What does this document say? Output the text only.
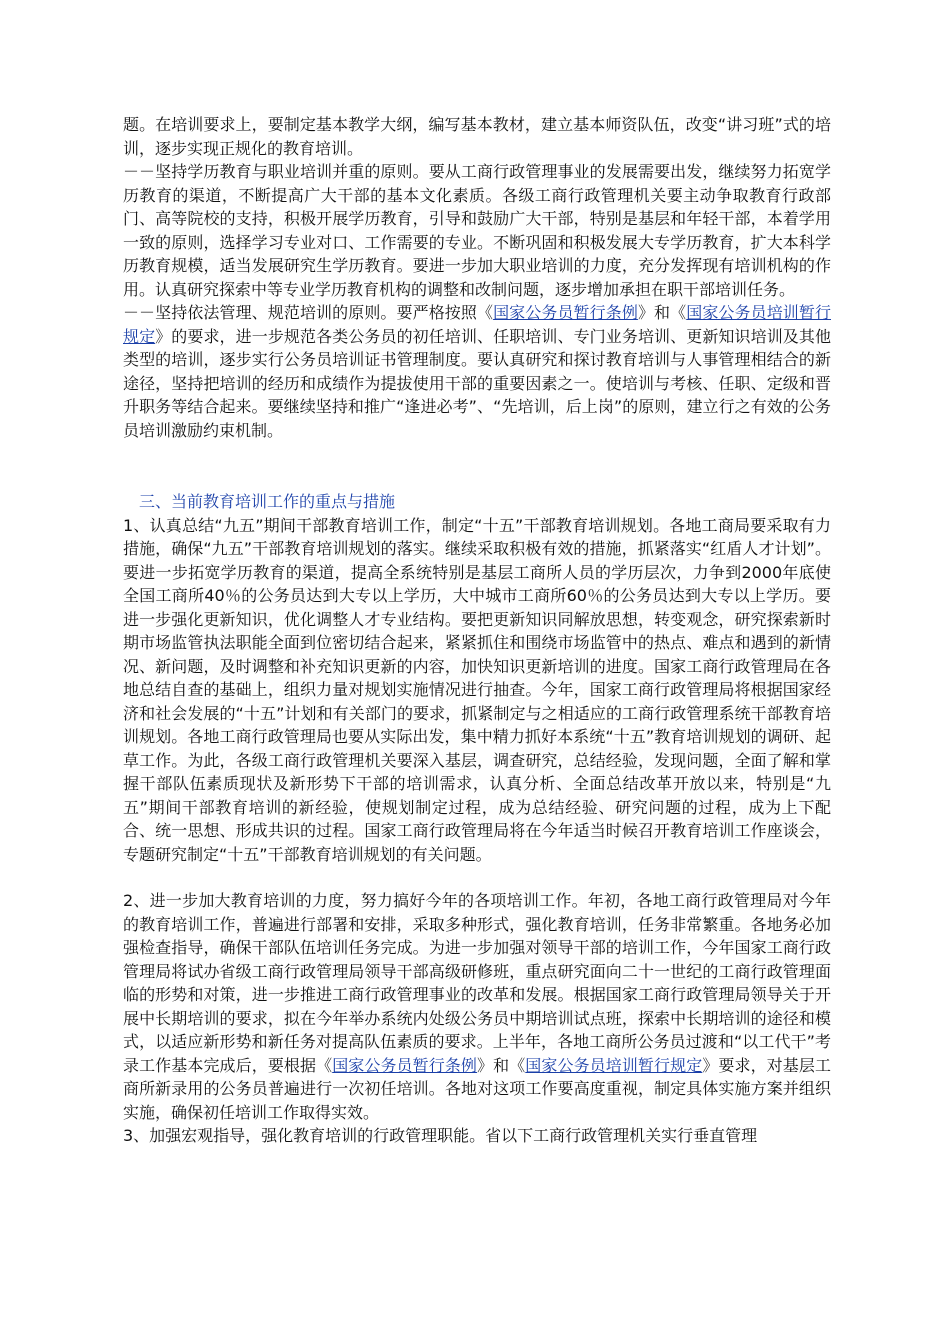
题。在培训要求上，要制定基本教学大纲，编写基本教材，建立基本师资队伍，改变“讲习班”式的培训，逐步实现正规化的教育培训。

－－坚持学历教育与职业培训并重的原则。要从工商行政管理事业的发展需要出发，继续努力拓宽学历教育的渠道，不断提高广大干部的基本文化素质。各级工商行政管理机关要主动争取教育行政部门、高等院校的支持，积极开展学历教育，引导和鼓励广大干部，特别是基层和年轻干部，本着学用一致的原则，选择学习专业对口、工作需要的专业。不断巩固和积极发展大专学历教育，扩大本科学历教育规模，适当发展研究生学历教育。要进一步加大职业培训的力度，充分发挥现有培训机构的作用。认真研究探索中等专业学历教育机构的调整和改制问题，逐步增加承担在职干部培训任务。

－－坚持依法管理、规范培训的原则。要严格按照《国家公务员暂行条例》和《国家公务员培训暂行规定》的要求，进一步规范各类公务员的初任培训、任职培训、专门业务培训、更新知识培训及其他类型的培训，逐步实行公务员培训证书管理制度。要认真研究和探讨教育培训与人事管理相结合的新途径，坚持把培训的经历和成绩作为提拔使用干部的重要因素之一。使培训与考核、任职、定级和晋升职务等结合起来。要继续坚持和推广“逢进必考”、“先培训，后上岗”的原则，建立行之有效的公务员培训激励约束机制。

　三、当前教育培训工作的重点与措施

1、认真总结“九五”期间干部教育培训工作，制定“十五”干部教育培训规划。各地工商局要采取有力措施，确保“九五”干部教育培训规划的落实。继续采取积极有效的措施，抓紧落实“红盾人才计划”。要进一步拓宽学历教育的渠道，提高全系统特别是基层工商所人员的学历层次，力争到2000年底使全国工商所40％的公务员达到大专以上学历，大中城市工商所60％的公务员达到大专以上学历。要进一步强化更新知识，优化调整人才专业结构。要把更新知识同解放思想，转变观念，研究探索新时期市场监管执法职能全面到位密切结合起来，紧紧抓住和围绕市场监管中的热点、难点和遇到的新情况、新问题，及时调整和补充知识更新的内容，加快知识更新培训的进度。国家工商行政管理局在各地总结自查的基础上，组织力量对规划实施情况进行抽查。今年，国家工商行政管理局将根据国家经济和社会发展的“十五”计划和有关部门的要求，抓紧制定与之相适应的工商行政管理系统干部教育培训规划。各地工商行政管理局也要从实际出发，集中精力抓好本系统“十五”教育培训规划的调研、起草工作。为此，各级工商行政管理机关要深入基层，调查研究，总结经验，发现问题，全面了解和掌握干部队伍素质现状及新形势下干部的培训需求，认真分析、全面总结改革开放以来，特别是“九五”期间干部教育培训的新经验，使规划制定过程，成为总结经验、研究问题的过程，成为上下配合、统一思想、形成共识的过程。国家工商行政管理局将在今年适当时候召开教育培训工作座谈会，专题研究制定“十五”干部教育培训规划的有关问题。

2、进一步加大教育培训的力度，努力搞好今年的各项培训工作。年初，各地工商行政管理局对今年的教育培训工作，普遍进行部署和安排，采取多种形式，强化教育培训，任务非常繁重。各地务必加强检查指导，确保干部队伍培训任务完成。为进一步加强对领导干部的培训工作，今年国家工商行政管理局将试办省级工商行政管理局领导干部高级研修班，重点研究面向二十一世纪的工商行政管理面临的形势和对策，进一步推进工商行政管理事业的改革和发展。根据国家工商行政管理局领导关于开展中长期培训的要求，拟在今年举办系统内处级公务员中期培训试点班，探索中长期培训的途径和模式，以适应新形势和新任务对提高队伍素质的要求。上半年，各地工商所公务员过渡和“以工代干”考录工作基本完成后，要根据《国家公务员暂行条例》和《国家公务员培训暂行规定》要求，对基层工商所新录用的公务员普遍进行一次初任培训。各地对这项工作要高度重视，制定具体实施方案并组织实施，确保初任培训工作取得实效。

3、加强宏观指导，强化教育培训的行政管理职能。省以下工商行政管理机关实行垂直管理
